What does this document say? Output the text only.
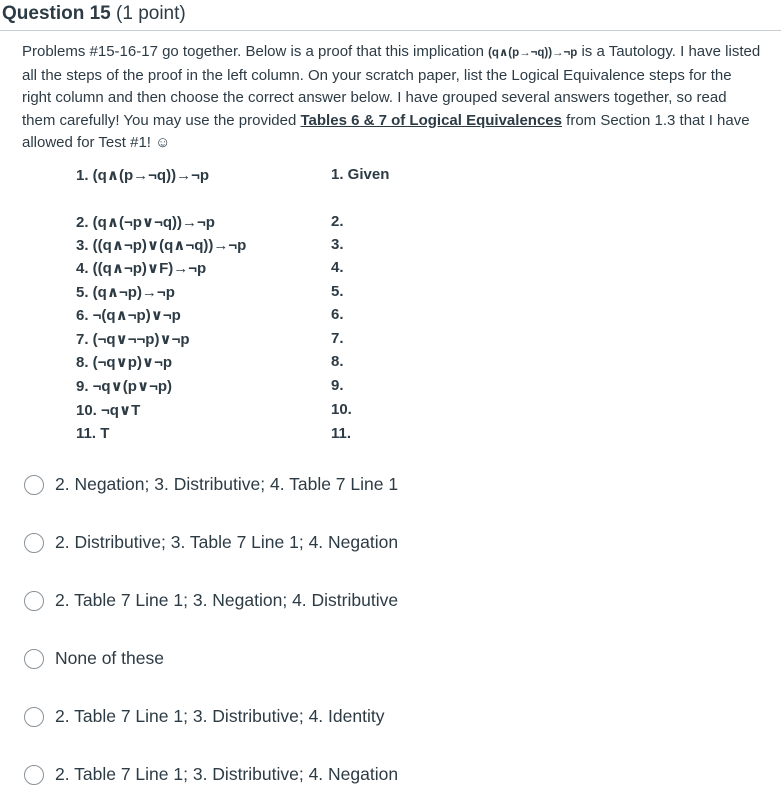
Question 15 (1 point)
Problems #15-16-17 go together. Below is a proof that this implication (q∧(p→¬q))→¬p is a Tautology. I have listed all the steps of the proof in the left column. On your scratch paper, list the Logical Equivalence steps for the right column and then choose the correct answer below. I have grouped several answers together, so read them carefully! You may use the provided Tables 6 & 7 of Logical Equivalences from Section 1.3 that I have allowed for Test #1! ☺
1. (q∧(p→¬q))→¬p	1. Given
2. (q∧(¬p∨¬q))→¬p	2.
3. ((q∧¬p)∨(q∧¬q))→¬p	3.
4. ((q∧¬p)∨F)→¬p	4.
5. (q∧¬p)→¬p	5.
6. ¬(q∧¬p)∨¬p	6.
7. (¬q∨¬¬p)∨¬p	7.
8. (¬q∨p)∨¬p	8.
9. ¬q∨(p∨¬p)	9.
10. ¬q∨T	10.
11. T	11.
2. Negation; 3. Distributive; 4. Table 7 Line 1
2. Distributive; 3. Table 7 Line 1; 4. Negation
2. Table 7 Line 1; 3. Negation; 4. Distributive
None of these
2. Table 7 Line 1; 3. Distributive; 4. Identity
2. Table 7 Line 1; 3. Distributive; 4. Negation
